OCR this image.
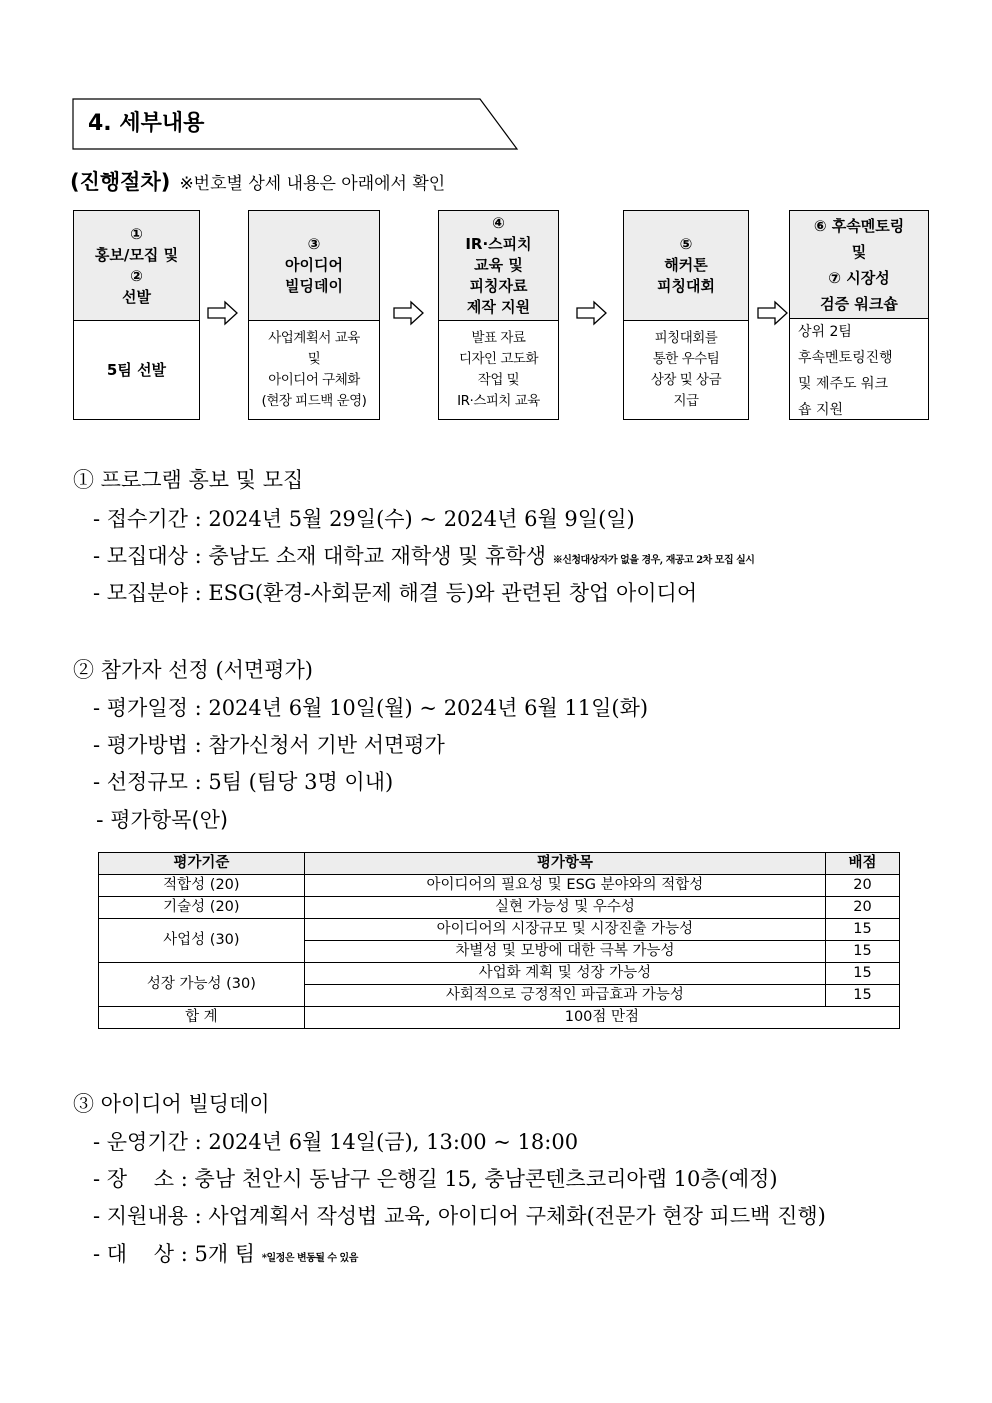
4. 세부내용
(진행절차) ※번호별 상세 내용은 아래에서 확인
①
홍보/모집 및
②
선발
5팀 선발
③
아이디어
빌딩데이
사업계획서 교육
및
아이디어 구체화
(현장 피드백 운영)
④
IR·스피치
교육 및
피칭자료
제작 지원
발표 자료
디자인 고도화
작업 및
IR·스피치 교육
⑤
해커톤
피칭대회
피칭대회를
통한 우수팀
상장 및 상금
지급
⑥ 후속멘토링
및
⑦ 시장성
검증 워크숍
상위 2팀
후속멘토링진행
및 제주도 워크
숍 지원
① 프로그램 홍보 및 모집
- 접수기간 : 2024년 5월 29일(수) ~ 2024년 6월 9일(일)
- 모집대상 : 충남도 소재 대학교 재학생 및 휴학생 ※신청대상자가 없을 경우, 재공고 2차 모집 실시
- 모집분야 : ESG(환경-사회문제 해결 등)와 관련된 창업 아이디어
② 참가자 선정 (서면평가)
- 평가일정 : 2024년 6월 10일(월) ~ 2024년 6월 11일(화)
- 평가방법 : 참가신청서 기반 서면평가
- 선정규모 : 5팀 (팀당 3명 이내)
- 평가항목(안)
평가기준	평가항목	배점
적합성 (20)	아이디어의 필요성 및 ESG 분야와의 적합성	20
기술성 (20)	실현 가능성 및 우수성	20
사업성 (30)	아이디어의 시장규모 및 시장진출 가능성	15
	차별성 및 모방에 대한 극복 가능성	15
성장 가능성 (30)	사업화 계획 및 성장 가능성	15
	사회적으로 긍정적인 파급효과 가능성	15
합 계	100점 만점	
③ 아이디어 빌딩데이
- 운영기간 : 2024년 6월 14일(금), 13:00 ~ 18:00
- 장    소 : 충남 천안시 동남구 은행길 15, 충남콘텐츠코리아랩 10층(예정)
- 지원내용 : 사업계획서 작성법 교육, 아이디어 구체화(전문가 현장 피드백 진행)
- 대    상 : 5개 팀 *일정은 변동될 수 있음
